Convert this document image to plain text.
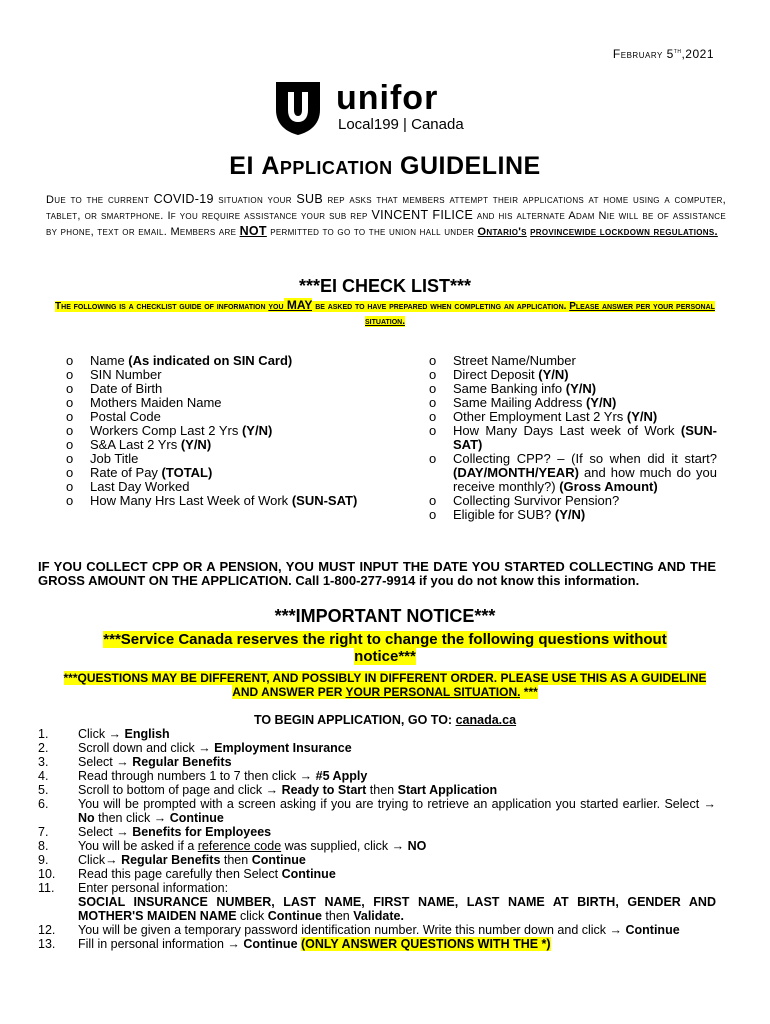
February 5th,2021
unifor
Local199 | Canada
EI Application GUIDELINE
Due to the current COVID-19 situation your SUB rep asks that members attempt their applications at home using a computer, tablet, or smartphone. If you require assistance your sub rep VINCENT FILICE and his alternate Adam Nie will be of assistance by phone, text or email. Members are NOT permitted to go to the union hall under Ontario's provincewide lockdown regulations.
***EI CHECK LIST***
The following is a checklist guide of information you MAY be asked to have prepared when completing an application. Please answer per your personal situation.
o Name (As indicated on SIN Card)
o SIN Number
o Date of Birth
o Mothers Maiden Name
o Postal Code
o Workers Comp Last 2 Yrs (Y/N)
o S&A Last 2 Yrs (Y/N)
o Job Title
o Rate of Pay (TOTAL)
o Last Day Worked
o How Many Hrs Last Week of Work (SUN-SAT)
o Street Name/Number
o Direct Deposit (Y/N)
o Same Banking info (Y/N)
o Same Mailing Address (Y/N)
o Other Employment Last 2 Yrs (Y/N)
o How Many Days Last week of Work (SUN-SAT)
o Collecting CPP? – (If so when did it start? (DAY/MONTH/YEAR) and how much do you receive monthly?) (Gross Amount)
o Collecting Survivor Pension?
o Eligible for SUB? (Y/N)
IF YOU COLLECT CPP OR A PENSION, YOU MUST INPUT THE DATE YOU STARTED COLLECTING AND THE GROSS AMOUNT ON THE APPLICATION. Call 1-800-277-9914 if you do not know this information.
***IMPORTANT NOTICE***
***Service Canada reserves the right to change the following questions without notice***
***QUESTIONS MAY BE DIFFERENT, AND POSSIBLY IN DIFFERENT ORDER. PLEASE USE THIS AS A GUIDELINE AND ANSWER PER YOUR PERSONAL SITUATION. ***
TO BEGIN APPLICATION, GO TO: canada.ca
1.	Click → English
2.	Scroll down and click → Employment Insurance
3.	Select → Regular Benefits
4.	Read through numbers 1 to 7 then click → #5 Apply
5.	Scroll to bottom of page and click → Ready to Start then Start Application
6.	You will be prompted with a screen asking if you are trying to retrieve an application you started earlier. Select → No then click → Continue
7.	Select → Benefits for Employees
8.	You will be asked if a reference code was supplied, click → NO
9.	Click→ Regular Benefits then Continue
10.	Read this page carefully then Select Continue
11.	Enter personal information:
SOCIAL INSURANCE NUMBER, LAST NAME, FIRST NAME, LAST NAME AT BIRTH, GENDER AND MOTHER'S MAIDEN NAME click Continue then Validate.
12.	You will be given a temporary password identification number. Write this number down and click → Continue
13.	Fill in personal information → Continue (ONLY ANSWER QUESTIONS WITH THE *)
